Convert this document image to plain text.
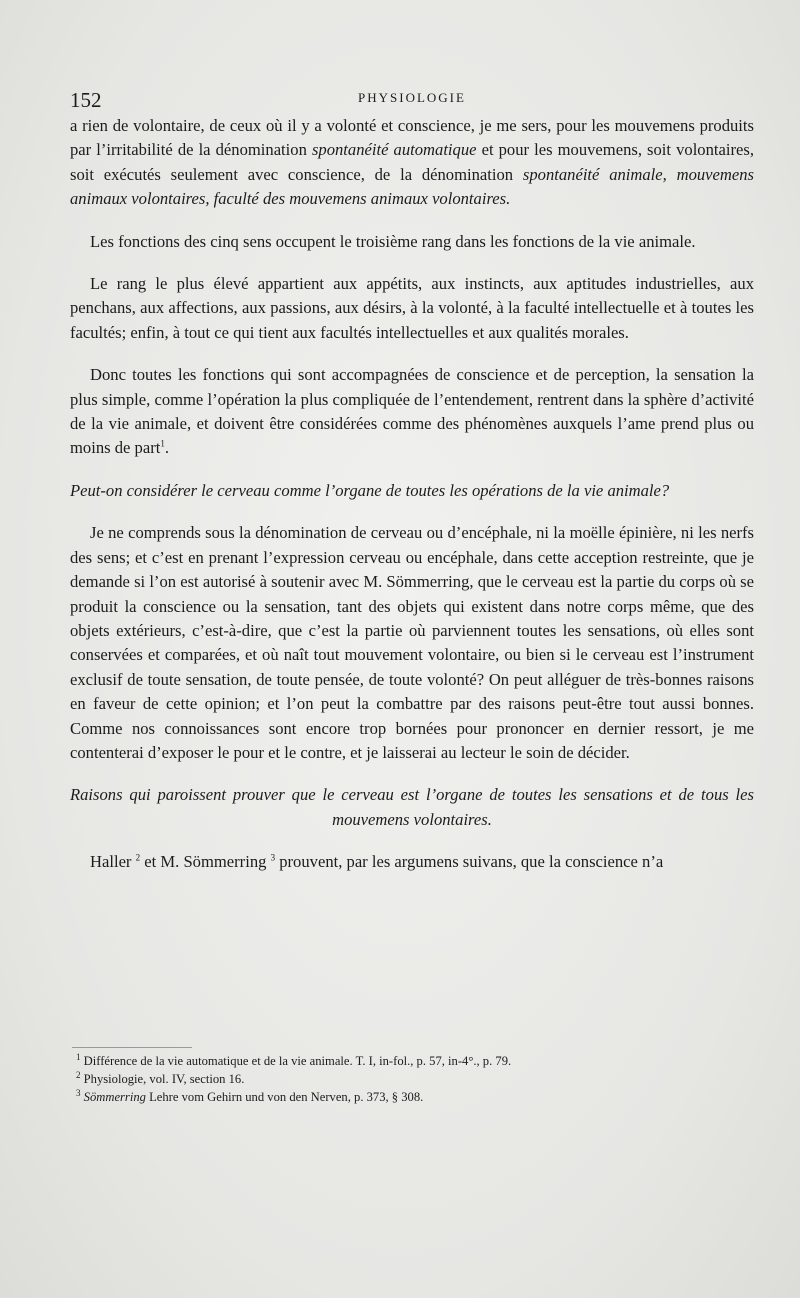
152	PHYSIOLOGIE

a rien de volontaire, de ceux où il y a volonté et conscience, je me sers, pour les mouvemens produits par l’irritabilité de la dénomination spontanéité automatique et pour les mouvemens, soit volontaires, soit exécutés seulement avec conscience, de la dénomination spontanéité animale, mouvemens animaux volontaires, faculté des mouvemens animaux volontaires.

Les fonctions des cinq sens occupent le troisième rang dans les fonctions de la vie animale.

Le rang le plus élevé appartient aux appétits, aux instincts, aux aptitudes industrielles, aux penchans, aux affections, aux passions, aux désirs, à la volonté, à la faculté intellectuelle et à toutes les facultés; enfin, à tout ce qui tient aux facultés intellectuelles et aux qualités morales.

Donc toutes les fonctions qui sont accompagnées de conscience et de perception, la sensation la plus simple, comme l’opération la plus compliquée de l’entendement, rentrent dans la sphère d’activité de la vie animale, et doivent être considérées comme des phénomènes auxquels l’ame prend plus ou moins de part$^1$.

Peut-on considérer le cerveau comme l’organe de toutes les opérations de la vie animale?

Je ne comprends sous la dénomination de cerveau ou d’encéphale, ni la moëlle épinière, ni les nerfs des sens; et c’est en prenant l’expression cerveau ou encéphale, dans cette acception restreinte, que je demande si l’on est autorisé à soutenir avec M. Sömmerring, que le cerveau est la partie du corps où se produit la conscience ou la sensation, tant des objets qui existent dans notre corps même, que des objets extérieurs, c’est-à-dire, que c’est la partie où parviennent toutes les sensations, où elles sont conservées et comparées, et où naît tout mouvement volontaire, ou bien si le cerveau est l’instrument exclusif de toute sensation, de toute pensée, de toute volonté? On peut alléguer de très-bonnes raisons en faveur de cette opinion; et l’on peut la combattre par des raisons peut-être tout aussi bonnes. Comme nos connoissances sont encore trop bornées pour prononcer en dernier ressort, je me contenterai d’exposer le pour et le contre, et je laisserai au lecteur le soin de décider.

Raisons qui paroissent prouver que le cerveau est l’organe de toutes les sensations et de tous les mouvemens volontaires.

Haller $^2$ et M. Sömmerring $^3$ prouvent, par les argumens suivans, que la conscience n’a

$^1$ Différence de la vie automatique et de la vie animale. T. I, in-fol., p. 57, in-4°., p. 79.

$^2$ Physiologie, vol. IV, section 16.

$^3$ Sömmerring Lehre vom Gehirn und von den Nerven, p. 373, § 308.
